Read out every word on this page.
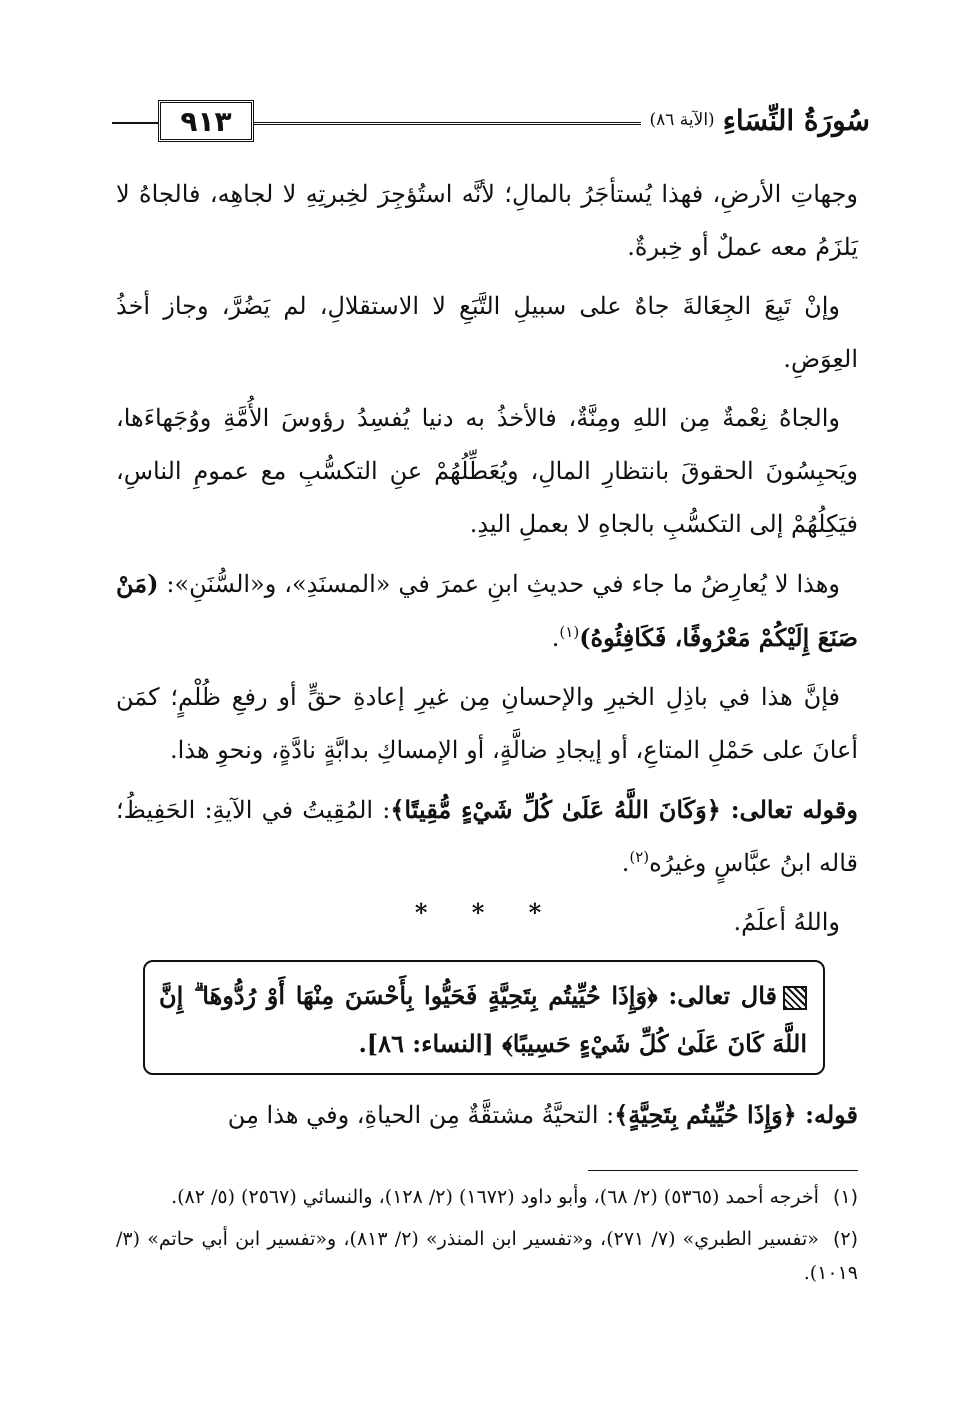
٩١٣	سُورَةُ النِّسَاءِ
(الآية ٨٦)

وجهاتِ الأرضِ، فهذا يُستأجَرُ بالمالِ؛ لأنَّه استُؤجِرَ لخِبرتِهِ لا لجاهِه، فالجاهُ لا يَلزَمُ معه عملٌ أو خِبرةٌ.

وإنْ تَبِعَ الجِعَالةَ جاهٌ على سبيلِ التَّبَعِ لا الاستقلالِ، لم يَضُرَّ، وجاز أخذُ العِوَضِ.

والجاهُ نِعْمةٌ مِن اللهِ ومِنَّةٌ، فالأخذُ به دنيا يُفسِدُ رؤوسَ الأُمَّةِ ووُجَهاءَها، ويَحبِسُونَ الحقوقَ بانتظارِ المالِ، ويُعَطِّلُهُمْ عنِ التكسُّبِ مع عمومِ الناسِ، فيَكِلُهُمْ إلى التكسُّبِ بالجاهِ لا بعملِ اليدِ.

وهذا لا يُعارِضُ ما جاء في حديثِ ابنِ عمرَ في «المسنَدِ»، و«السُّنَنِ»: (مَنْ صَنَعَ إِلَيْكُمْ مَعْرُوفًا، فَكَافِئُوهُ)$^{(١)}$.

فإنَّ هذا في باذِلِ الخيرِ والإحسانِ مِن غيرِ إعادةِ حقٍّ أو رفعِ ظُلْمٍ؛ كمَن أعانَ على حَمْلِ المتاعِ، أو إيجادِ ضالَّةٍ، أو الإمساكِ بدابَّةٍ نادَّةٍ، ونحوِ هذا.

وقوله تعالى: ﴿وَكَانَ اللَّهُ عَلَىٰ كُلِّ شَيْءٍ مُّقِيتًا﴾: المُقِيتُ في الآيةِ: الحَفِيظُ؛ قاله ابنُ عبَّاسٍ وغيرُه$^{(٢)}$.

واللهُ أعلَمُ.

* * *
قال تعالى: ﴿وَإِذَا حُيِّيتُم بِتَحِيَّةٍ فَحَيُّوا بِأَحْسَنَ مِنْهَا أَوْ رُدُّوهَا ۗ إِنَّ اللَّهَ كَانَ عَلَىٰ كُلِّ شَيْءٍ حَسِيبًا﴾ [النساء: ٨٦].
قوله: ﴿وَإِذَا حُيِّيتُم بِتَحِيَّةٍ﴾: التحيَّةُ مشتقَّةٌ مِن الحياةِ، وفي هذا مِن

(١)أخرجه أحمد (٥٣٦٥) (٢/ ٦٨)، وأبو داود (١٦٧٢) (٢/ ١٢٨)، والنسائي (٢٥٦٧) (٥/ ٨٢).

(٢)«تفسير الطبري» (٧/ ٢٧١)، و«تفسير ابن المنذر» (٢/ ٨١٣)، و«تفسير ابن أبي حاتم» (٣/ ١٠١٩).
